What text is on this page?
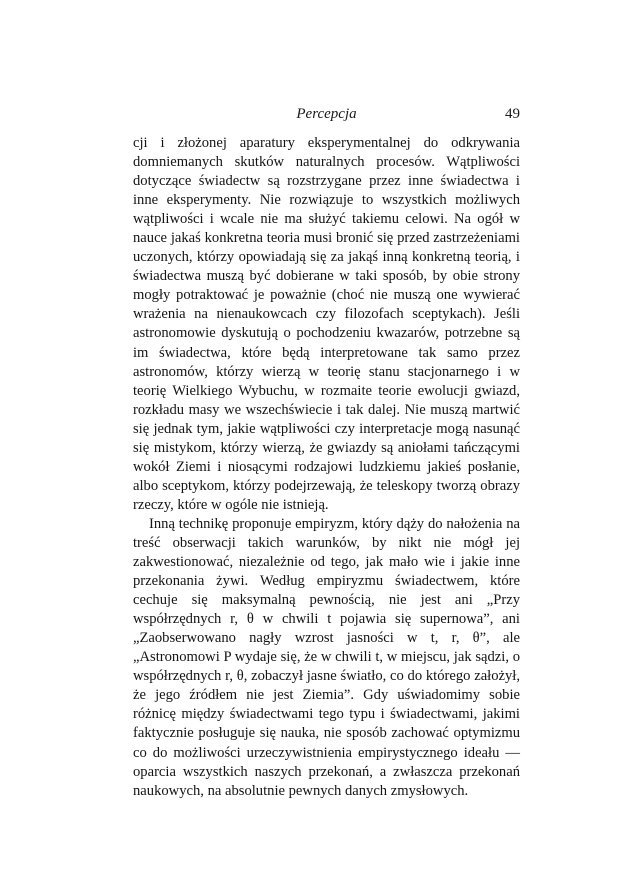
Percepcja	49

cji i złożonej aparatury eksperymentalnej do odkrywania domniemanych skutków naturalnych procesów. Wątpliwości dotyczące świadectw są rozstrzygane przez inne świadectwa i inne eksperymenty. Nie rozwiązuje to wszystkich możliwych wątpliwości i wcale nie ma służyć takiemu celowi. Na ogół w nauce jakaś konkretna teoria musi bronić się przed zastrzeżeniami uczonych, którzy opowiadają się za jakąś inną konkretną teorią, i świadectwa muszą być dobierane w taki sposób, by obie strony mogły potraktować je poważnie (choć nie muszą one wywierać wrażenia na nienaukowcach czy filozofach sceptykach). Jeśli astronomowie dyskutują o pochodzeniu kwazarów, potrzebne są im świadectwa, które będą interpretowane tak samo przez astronomów, którzy wierzą w teorię stanu stacjonarnego i w teorię Wielkiego Wybuchu, w rozmaite teorie ewolucji gwiazd, rozkładu masy we wszechświecie i tak dalej. Nie muszą martwić się jednak tym, jakie wątpliwości czy interpretacje mogą nasunąć się mistykom, którzy wierzą, że gwiazdy są aniołami tańczącymi wokół Ziemi i niosącymi rodzajowi ludzkiemu jakieś posłanie, albo sceptykom, którzy podejrzewają, że teleskopy tworzą obrazy rzeczy, które w ogóle nie istnieją.

Inną technikę proponuje empiryzm, który dąży do nałożenia na treść obserwacji takich warunków, by nikt nie mógł jej zakwestionować, niezależnie od tego, jak mało wie i jakie inne przekonania żywi. Według empiryzmu świadectwem, które cechuje się maksymalną pewnością, nie jest ani „Przy współrzędnych r, θ w chwili t pojawia się supernowa”, ani „Zaobserwowano nagły wzrost jasności w t, r, θ”, ale „Astronomowi P wydaje się, że w chwili t, w miejscu, jak sądzi, o współrzędnych r, θ, zobaczył jasne światło, co do którego założył, że jego źródłem nie jest Ziemia”. Gdy uświadomimy sobie różnicę między świadectwami tego typu i świadectwami, jakimi faktycznie posługuje się nauka, nie sposób zachować optymizmu co do możliwości urzeczywistnienia empirystycznego ideału — oparcia wszystkich naszych przekonań, a zwłaszcza przekonań naukowych, na absolutnie pewnych danych zmysłowych.
